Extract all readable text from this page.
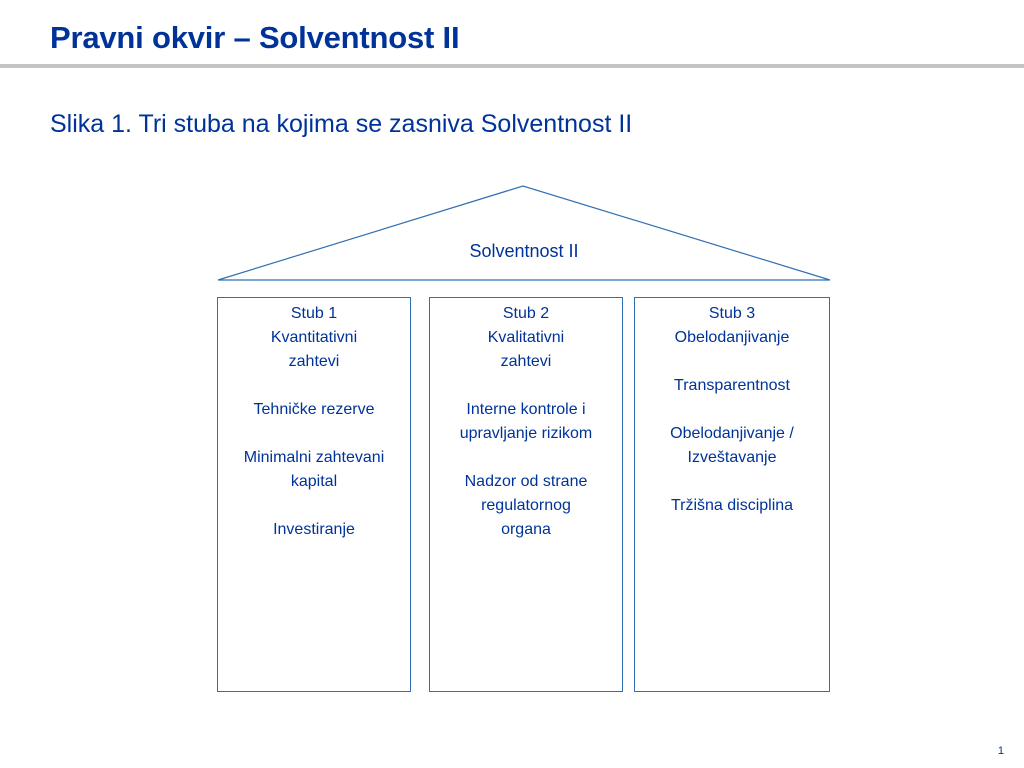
Pravni okvir – Solventnost II
Slika 1. Tri stuba na kojima se zasniva Solventnost II
Solventnost II
Stub 1
Kvantitativni
zahtevi
Tehničke rezerve
Minimalni zahtevani
kapital
Investiranje
Stub 2
Kvalitativni
zahtevi
Interne kontrole i
upravljanje rizikom
Nadzor od strane
regulatornog
organa
Stub 3
Obelodanjivanje
Transparentnost
Obelodanjivanje /
Izveštavanje
Tržišna disciplina
1
